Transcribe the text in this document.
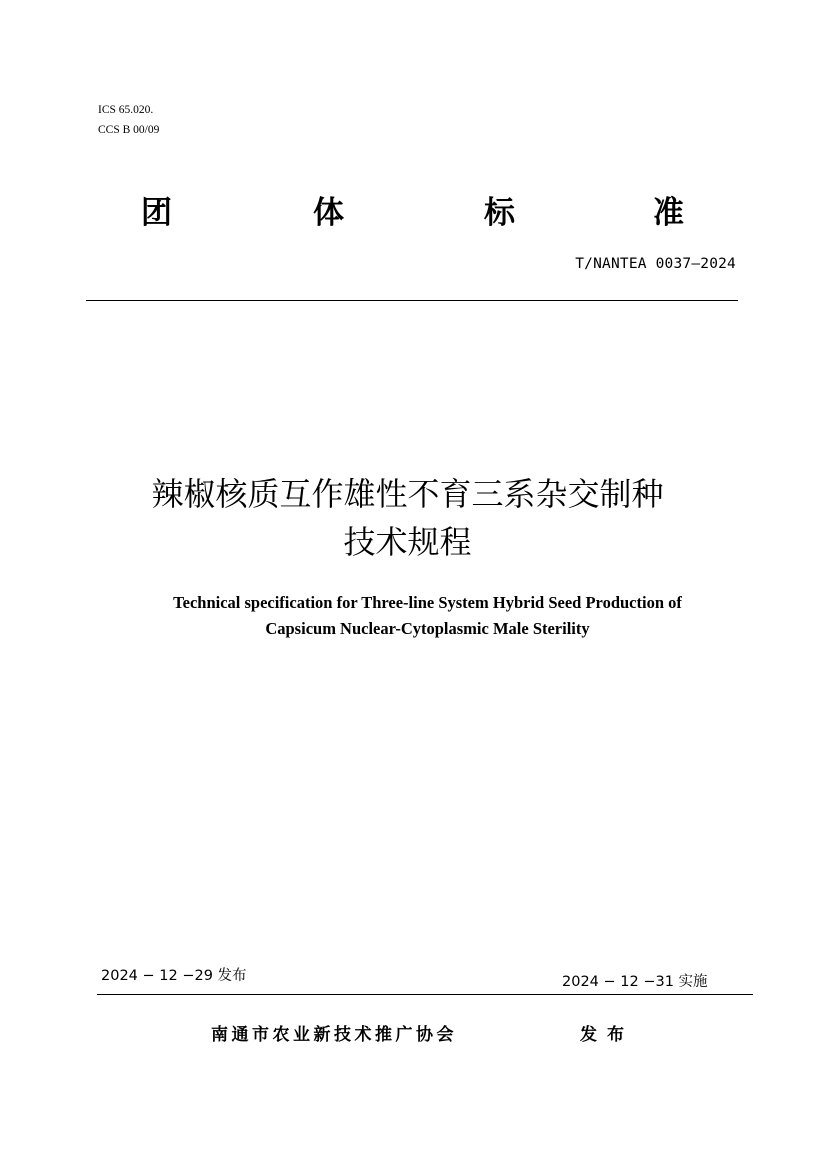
ICS 65.020.
CCS B 00/09
团	体	标	准
T/NANTEA 0037—2024
辣椒核质互作雄性不育三系杂交制种
技术规程
Technical specification for Three-line System Hybrid Seed Production of
Capsicum Nuclear-Cytoplasmic Male Sterility
2024 − 12 −29 发布	2024 − 12 −31 实施
南通市农业新技术推广协会	发布
